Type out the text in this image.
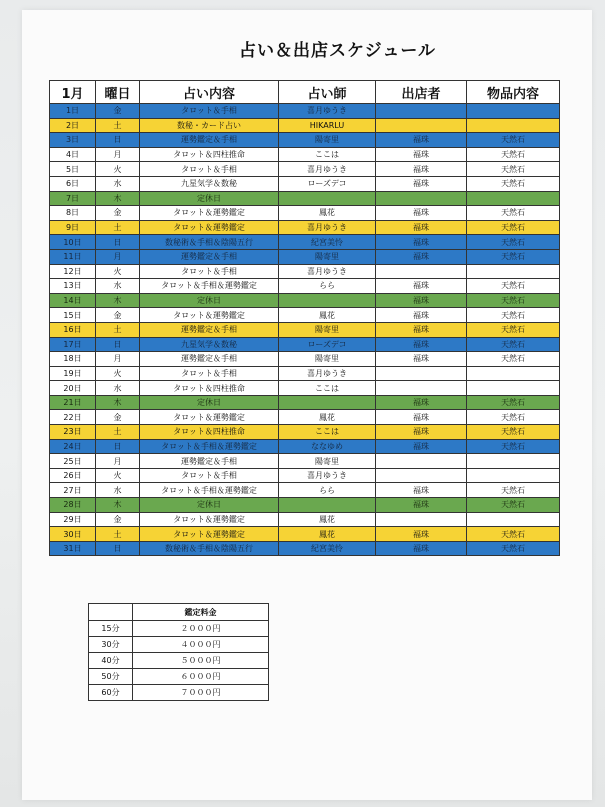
占い＆出店スケジュール
1月	曜日	占い内容	占い師	出店者	物品内容
1日	金	タロット＆手相	喜月ゆうき		
2日	土	数秘・カード占い	HIKARLU		
3日	日	運勢鑑定＆手相	陽寄里	福珠	天然石
4日	月	タロット＆四柱推命	ここは	福珠	天然石
5日	火	タロット＆手相	喜月ゆうき	福珠	天然石
6日	水	九星気学＆数秘	ローズデコ	福珠	天然石
7日	木	定休日			
8日	金	タロット＆運勢鑑定	鳳花	福珠	天然石
9日	土	タロット＆運勢鑑定	喜月ゆうき	福珠	天然石
10日	日	数秘術＆手相＆陰陽五行	紀宮美怜	福珠	天然石
11日	月	運勢鑑定＆手相	陽寄里	福珠	天然石
12日	火	タロット＆手相	喜月ゆうき		
13日	水	タロット＆手相＆運勢鑑定	らら	福珠	天然石
14日	木	定休日		福珠	天然石
15日	金	タロット＆運勢鑑定	鳳花	福珠	天然石
16日	土	運勢鑑定＆手相	陽寄里	福珠	天然石
17日	日	九星気学＆数秘	ローズデコ	福珠	天然石
18日	月	運勢鑑定＆手相	陽寄里	福珠	天然石
19日	火	タロット＆手相	喜月ゆうき		
20日	水	タロット＆四柱推命	ここは		
21日	木	定休日		福珠	天然石
22日	金	タロット＆運勢鑑定	鳳花	福珠	天然石
23日	土	タロット＆四柱推命	ここは	福珠	天然石
24日	日	タロット＆手相＆運勢鑑定	ななゆめ	福珠	天然石
25日	月	運勢鑑定＆手相	陽寄里		
26日	火	タロット＆手相	喜月ゆうき		
27日	水	タロット＆手相＆運勢鑑定	らら	福珠	天然石
28日	木	定休日		福珠	天然石
29日	金	タロット＆運勢鑑定	鳳花		
30日	土	タロット＆運勢鑑定	鳳花	福珠	天然石
31日	日	数秘術＆手相＆陰陽五行	紀宮美怜	福珠	天然石
	鑑定料金
15分	２０００円
30分	４０００円
40分	５０００円
50分	６０００円
60分	７０００円
